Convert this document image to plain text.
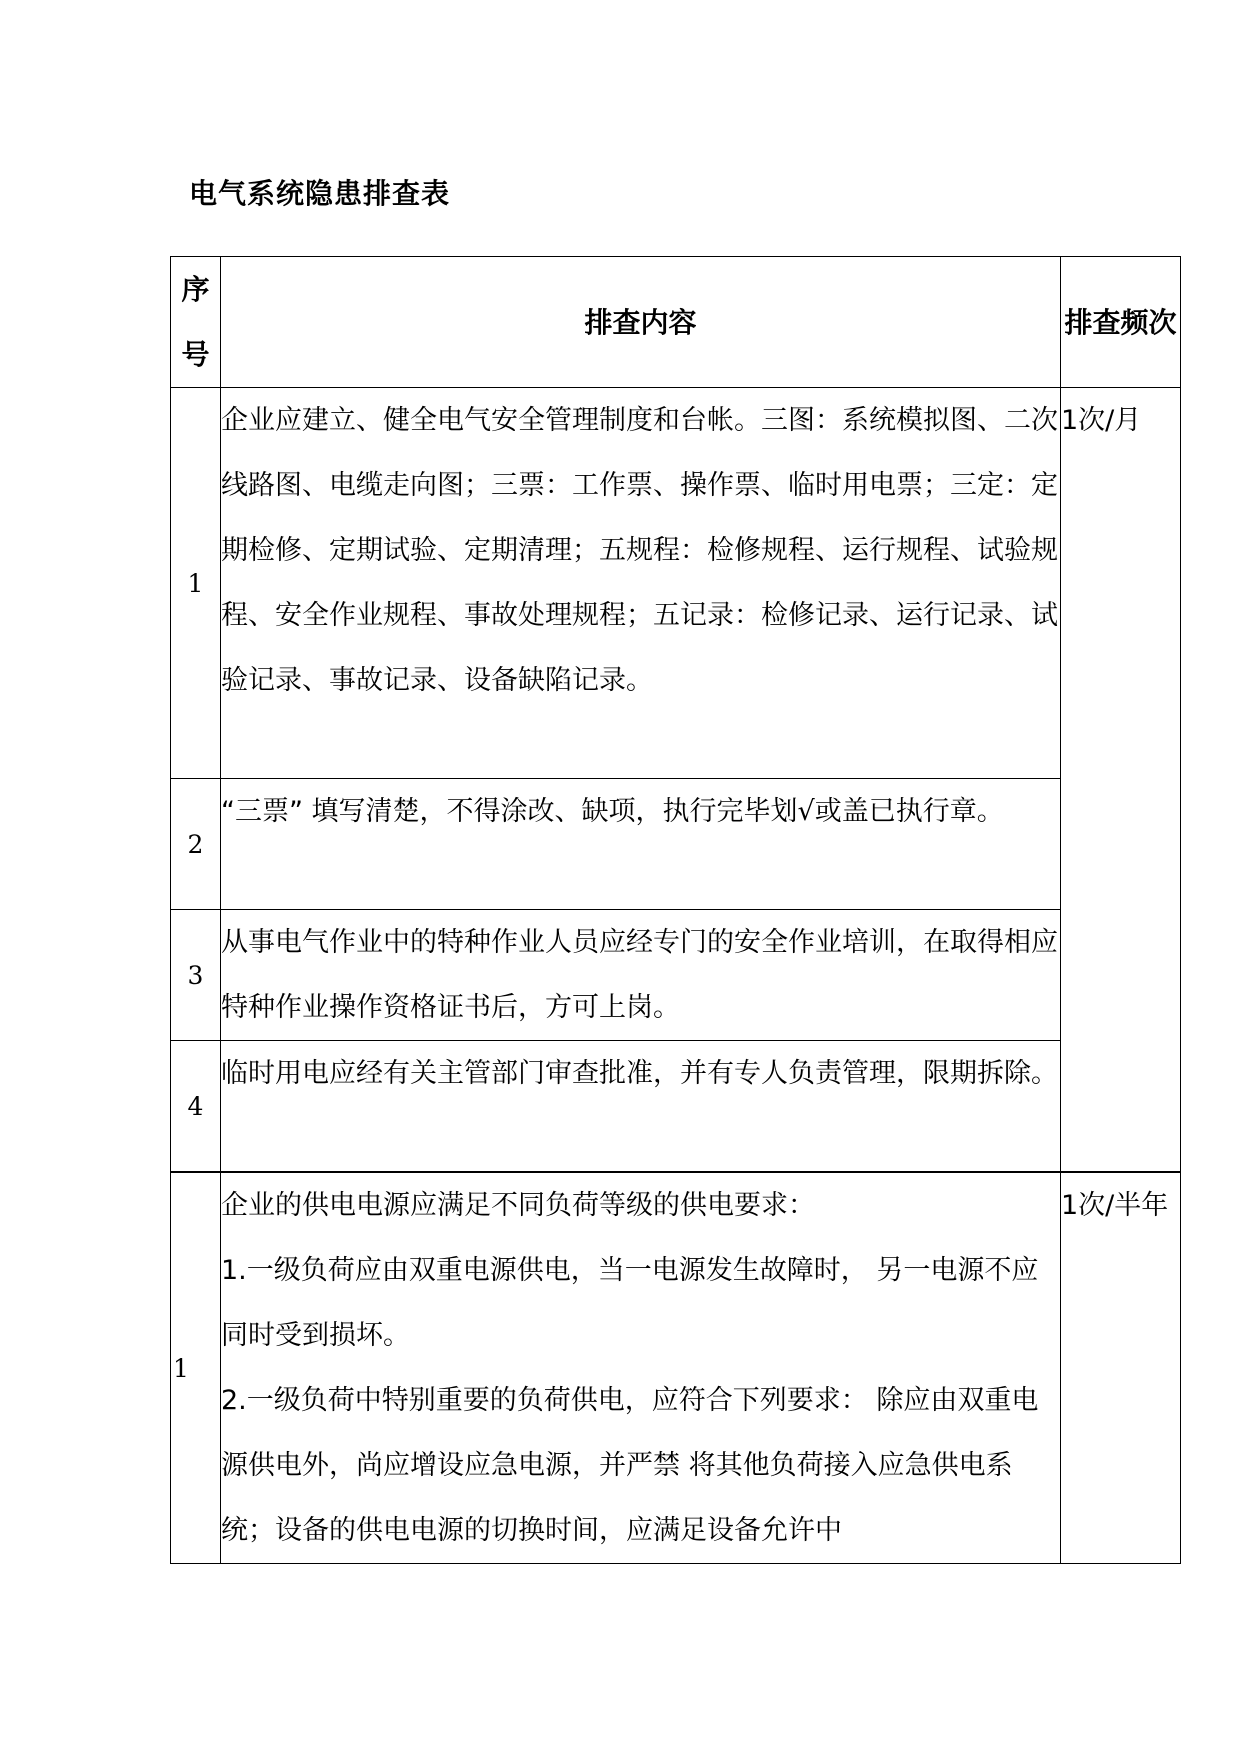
电气系统隐患排查表
序号	排查内容	排查频次
1	企业应建立、健全电气安全管理制度和台帐。三图：系统模拟图、二次线路图、电缆走向图；三票：工作票、操作票、临时用电票；三定：定期检修、定期试验、定期清理；五规程：检修规程、运行规程、试验规程、安全作业规程、事故处理规程；五记录：检修记录、运行记录、试验记录、事故记录、设备缺陷记录。	1次/月
2	“三票” 填写清楚，不得涂改、缺项，执行完毕划√或盖已执行章。	
3	从事电气作业中的特种作业人员应经专门的安全作业培训，在取得相应特种作业操作资格证书后，方可上岗。	
4	临时用电应经有关主管部门审查批准，并有专人负责管理，限期拆除。	
1	企业的供电电源应满足不同负荷等级的供电要求：

1.一级负荷应由双重电源供电，当一电源发生故障时， 另一电源不应同时受到损坏。

2.一级负荷中特别重要的负荷供电，应符合下列要求： 除应由双重电源供电外，尚应增设应急电源，并严禁 将其他负荷接入应急供电系统；设备的供电电源的切换时间，应满足设备允许中	1次/半年
